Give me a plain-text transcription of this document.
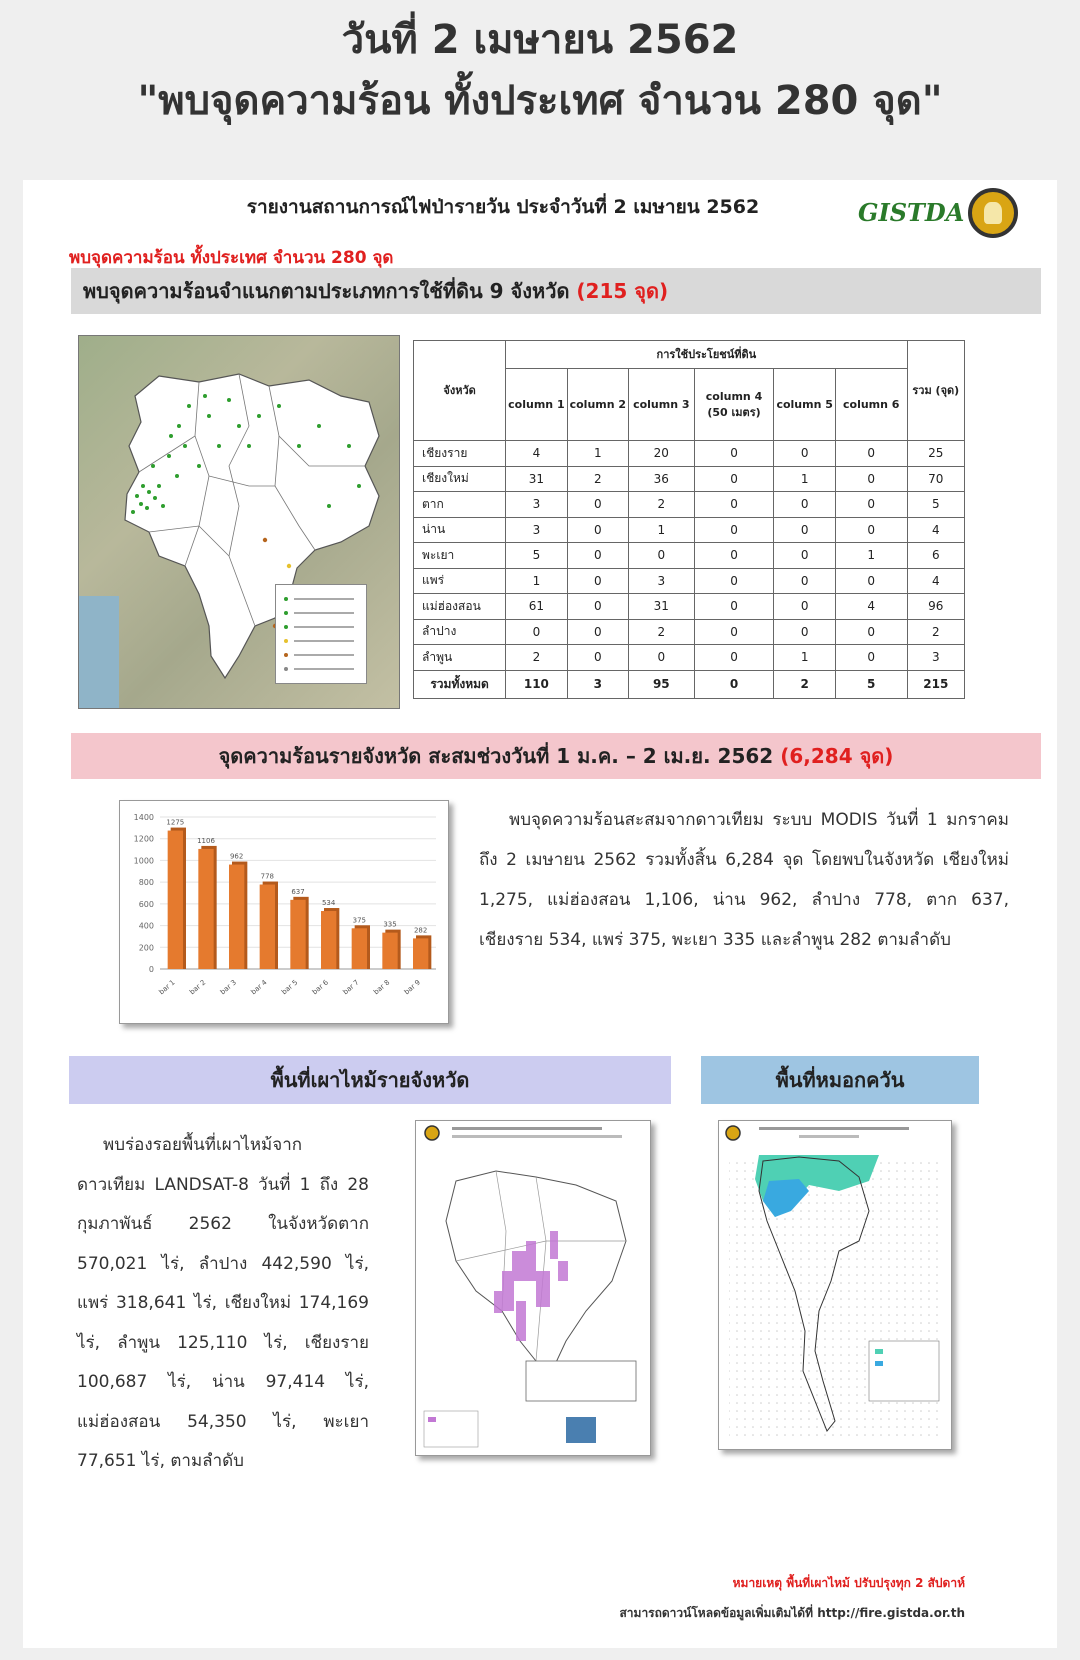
วันที่ 2 เมษายน 2562
"พบจุดความร้อน ทั้งประเทศ จำนวน 280 จุด"
รายงานสถานการณ์ไฟป่ารายวัน ประจำวันที่ 2 เมษายน 2562	GISTDA
พบจุดความร้อน ทั้งประเทศ จำนวน 280 จุด
พบจุดความร้อนจำแนกตามประเภทการใช้ที่ดิน 9 จังหวัด (215 จุด)
จังหวัด	การใช้ประโยชน์ที่ดิน						รวม (จุด)
	column 1	column 2	column 3	column 4 (50 เมตร)	column 5	column 6	
เชียงราย	4	1	20	0	0	0	25
เชียงใหม่	31	2	36	0	1	0	70
ตาก	3	0	2	0	0	0	5
น่าน	3	0	1	0	0	0	4
พะเยา	5	0	0	0	0	1	6
แพร่	1	0	3	0	0	0	4
แม่ฮ่องสอน	61	0	31	0	0	4	96
ลำปาง	0	0	2	0	0	0	2
ลำพูน	2	0	0	0	1	0	3
รวมทั้งหมด	110	3	95	0	2	5	215
จุดความร้อนรายจังหวัด สะสมช่วงวันที่ 1 ม.ค. – 2 เม.ย. 2562 (6,284 จุด)
0
200
400
600
800
1000
1200
1400
1275
bar 1
1106
bar 2
962
bar 3
778
bar 4
637
bar 5
534
bar 6
375
bar 7
335
bar 8
282
bar 9

พบจุดความร้อนสะสมจากดาวเทียม ระบบ MODIS วันที่ 1 มกราคม ถึง 2 เมษายน 2562 รวมทั้งสิ้น 6,284 จุด โดยพบในจังหวัด เชียงใหม่ 1,275, แม่ฮ่องสอน 1,106, น่าน 962, ลำปาง 778, ตาก 637, เชียงราย 534, แพร่ 375, พะเยา 335 และลำพูน 282 ตามลำดับ

พื้นที่เผาไหม้รายจังหวัด	พื้นที่หมอกควัน

พบร่องรอยพื้นที่เผาไหม้จากดาวเทียม LANDSAT-8 วันที่ 1 ถึง 28 กุมภาพันธ์ 2562 ในจังหวัดตาก 570,021 ไร่, ลำปาง 442,590 ไร่, แพร่ 318,641 ไร่, เชียงใหม่ 174,169 ไร่, ลำพูน 125,110 ไร่, เชียงราย 100,687 ไร่, น่าน 97,414 ไร่, แม่ฮ่องสอน 54,350 ไร่, พะเยา 77,651 ไร่, ตามลำดับ

หมายเหตุ พื้นที่เผาไหม้ ปรับปรุงทุก 2 สัปดาห์
สามารถดาวน์โหลดข้อมูลเพิ่มเติมได้ที่ http://fire.gistda.or.th
